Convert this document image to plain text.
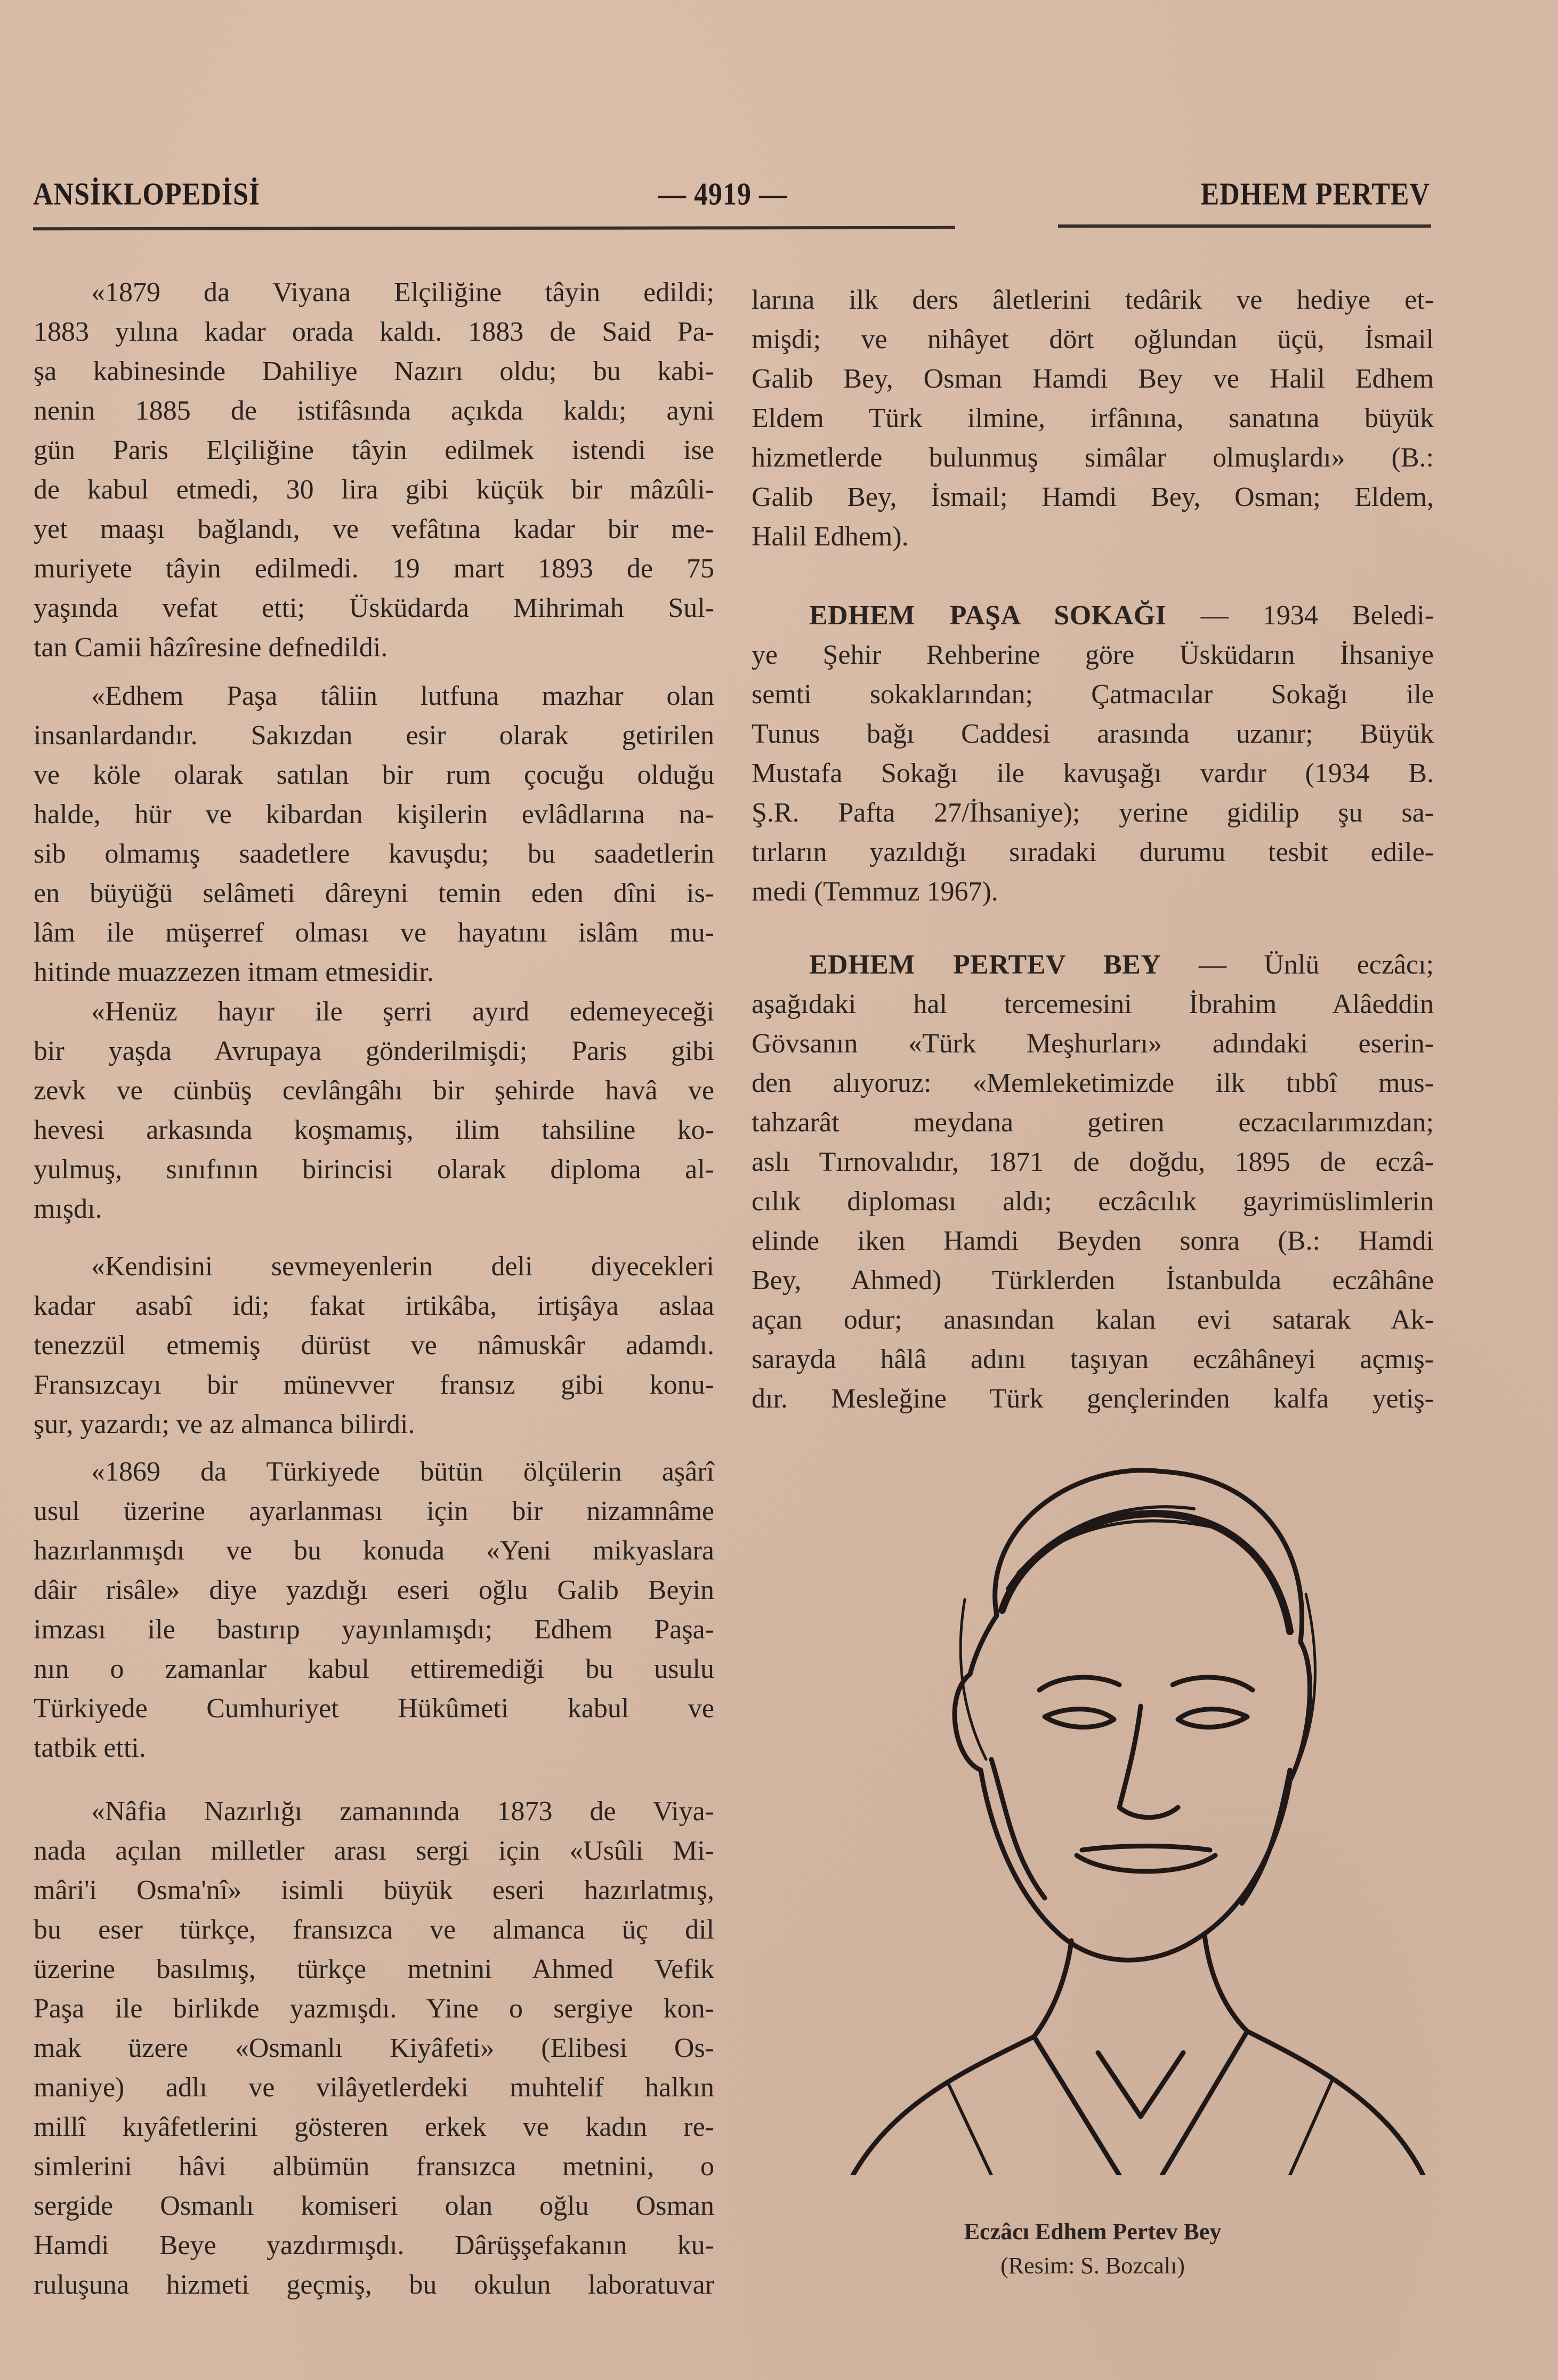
ANSİKLOPEDİSİ	— 4919 —	EDHEM PERTEV
«1879 da Viyana Elçiliğine tâyin edildi;
1883 yılına kadar orada kaldı. 1883 de Said Pa-
şa kabinesinde Dahiliye Nazırı oldu; bu kabi-
nenin 1885 de istifâsında açıkda kaldı; ayni
gün Paris Elçiliğine tâyin edilmek istendi ise
de kabul etmedi, 30 lira gibi küçük bir mâzûli-
yet maaşı bağlandı, ve vefâtına kadar bir me-
muriyete tâyin edilmedi. 19 mart 1893 de 75
yaşında vefat etti; Üsküdarda Mihrimah Sul-
tan Camii hâzîresine defnedildi.
«Edhem Paşa tâliin lutfuna mazhar olan
insanlardandır. Sakızdan esir olarak getirilen
ve köle olarak satılan bir rum çocuğu olduğu
halde, hür ve kibardan kişilerin evlâdlarına na-
sib olmamış saadetlere kavuşdu; bu saadetlerin
en büyüğü selâmeti dâreyni temin eden dîni is-
lâm ile müşerref olması ve hayatını islâm mu-
hitinde muazzezen itmam etmesidir.
«Henüz hayır ile şerri ayırd edemeyeceği
bir yaşda Avrupaya gönderilmişdi; Paris gibi
zevk ve cünbüş cevlângâhı bir şehirde havâ ve
hevesi arkasında koşmamış, ilim tahsiline ko-
yulmuş, sınıfının birincisi olarak diploma al-
mışdı.
«Kendisini sevmeyenlerin deli diyecekleri
kadar asabî idi; fakat irtikâba, irtişâya aslaa
tenezzül etmemiş dürüst ve nâmuskâr adamdı.
Fransızcayı bir münevver fransız gibi konu-
şur, yazardı; ve az almanca bilirdi.
«1869 da Türkiyede bütün ölçülerin aşârî
usul üzerine ayarlanması için bir nizamnâme
hazırlanmışdı ve bu konuda «Yeni mikyaslara
dâir risâle» diye yazdığı eseri oğlu Galib Beyin
imzası ile bastırıp yayınlamışdı; Edhem Paşa-
nın o zamanlar kabul ettiremediği bu usulu
Türkiyede Cumhuriyet Hükûmeti kabul ve
tatbik etti.
«Nâfia Nazırlığı zamanında 1873 de Viya-
nada açılan milletler arası sergi için «Usûli Mi-
mâri'i Osma'nî» isimli büyük eseri hazırlatmış,
bu eser türkçe, fransızca ve almanca üç dil
üzerine basılmış, türkçe metnini Ahmed Vefik
Paşa ile birlikde yazmışdı. Yine o sergiye kon-
mak üzere «Osmanlı Kiyâfeti» (Elibesi Os-
maniye) adlı ve vilâyetlerdeki muhtelif halkın
millî kıyâfetlerini gösteren erkek ve kadın re-
simlerini hâvi albümün fransızca metnini, o
sergide Osmanlı komiseri olan oğlu Osman
Hamdi Beye yazdırmışdı. Dârüşşefakanın ku-
ruluşuna hizmeti geçmiş, bu okulun laboratuvar
larına ilk ders âletlerini tedârik ve hediye et-
mişdi; ve nihâyet dört oğlundan üçü, İsmail
Galib Bey, Osman Hamdi Bey ve Halil Edhem
Eldem Türk ilmine, irfânına, sanatına büyük
hizmetlerde bulunmuş simâlar olmuşlardı» (B.:
Galib Bey, İsmail; Hamdi Bey, Osman; Eldem,
Halil Edhem).
EDHEM PAŞA SOKAĞI — 1934 Beledi-
ye Şehir Rehberine göre Üsküdarın İhsaniye
semti sokaklarından; Çatmacılar Sokağı ile
Tunus bağı Caddesi arasında uzanır; Büyük
Mustafa Sokağı ile kavuşağı vardır (1934 B.
Ş.R. Pafta 27/İhsaniye); yerine gidilip şu sa-
tırların yazıldığı sıradaki durumu tesbit edile-
medi (Temmuz 1967).
EDHEM PERTEV BEY — Ünlü eczâcı;
aşağıdaki hal tercemesini İbrahim Alâeddin
Gövsanın «Türk Meşhurları» adındaki eserin-
den alıyoruz: «Memleketimizde ilk tıbbî mus-
tahzarât meydana getiren eczacılarımızdan;
aslı Tırnovalıdır, 1871 de doğdu, 1895 de eczâ-
cılık diploması aldı; eczâcılık gayrimüslimlerin
elinde iken Hamdi Beyden sonra (B.: Hamdi
Bey, Ahmed) Türklerden İstanbulda eczâhâne
açan odur; anasından kalan evi satarak Ak-
sarayda hâlâ adını taşıyan eczâhâneyi açmış-
dır. Mesleğine Türk gençlerinden kalfa yetiş-
Eczâcı Edhem Pertev Bey
(Resim: S. Bozcalı)
